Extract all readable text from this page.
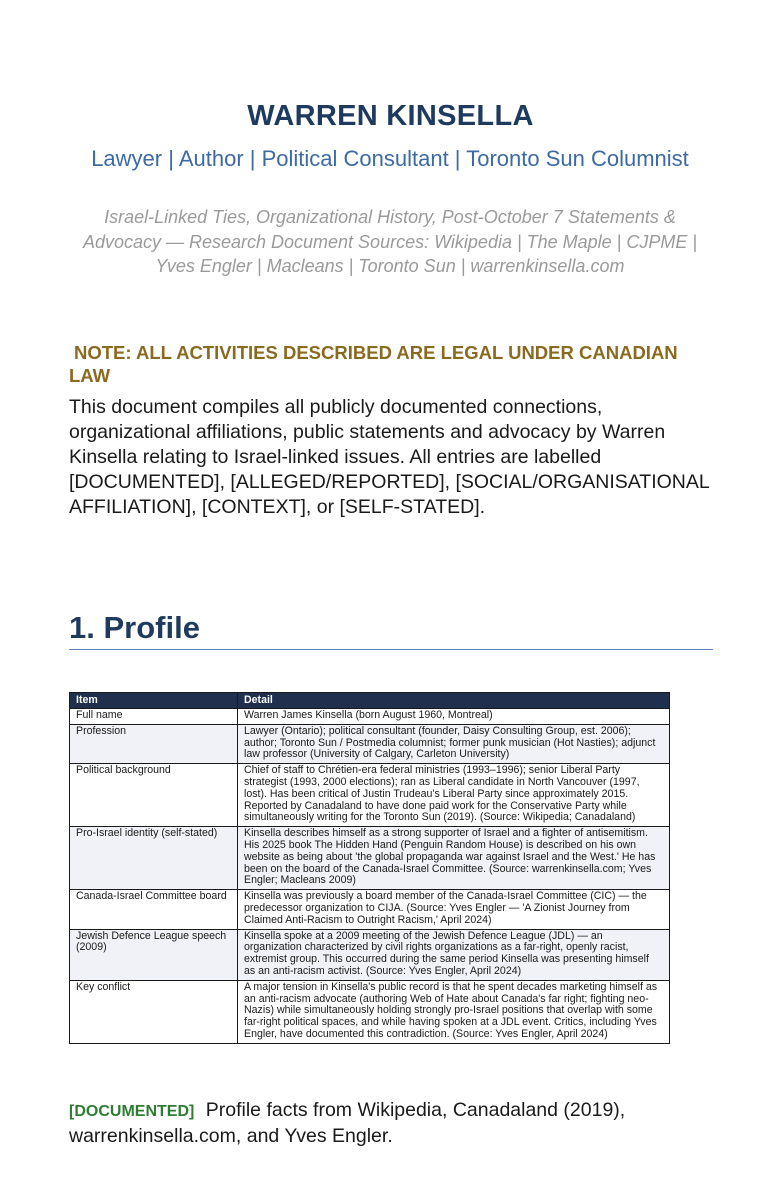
WARREN KINSELLA
Lawyer | Author | Political Consultant | Toronto Sun Columnist
Israel-Linked Ties, Organizational History, Post-October 7 Statements & Advocacy — Research Document Sources: Wikipedia | The Maple | CJPME | Yves Engler | Macleans | Toronto Sun | warrenkinsella.com
NOTE: ALL ACTIVITIES DESCRIBED ARE LEGAL UNDER CANADIAN LAW
This document compiles all publicly documented connections, organizational affiliations, public statements and advocacy by Warren Kinsella relating to Israel-linked issues. All entries are labelled [DOCUMENTED], [ALLEGED/REPORTED], [SOCIAL/ORGANISATIONAL AFFILIATION], [CONTEXT], or [SELF-STATED].
1. Profile
Item	Detail
Full name	Warren James Kinsella (born August 1960, Montreal)
Profession	Lawyer (Ontario); political consultant (founder, Daisy Consulting Group, est. 2006); author; Toronto Sun / Postmedia columnist; former punk musician (Hot Nasties); adjunct law professor (University of Calgary, Carleton University)
Political background	Chief of staff to Chrétien-era federal ministries (1993–1996); senior Liberal Party strategist (1993, 2000 elections); ran as Liberal candidate in North Vancouver (1997, lost). Has been critical of Justin Trudeau's Liberal Party since approximately 2015. Reported by Canadaland to have done paid work for the Conservative Party while simultaneously writing for the Toronto Sun (2019). (Source: Wikipedia; Canadaland)
Pro-Israel identity (self-stated)	Kinsella describes himself as a strong supporter of Israel and a fighter of antisemitism. His 2025 book The Hidden Hand (Penguin Random House) is described on his own website as being about 'the global propaganda war against Israel and the West.' He has been on the board of the Canada-Israel Committee. (Source: warrenkinsella.com; Yves Engler; Macleans 2009)
Canada-Israel Committee board	Kinsella was previously a board member of the Canada-Israel Committee (CIC) — the predecessor organization to CIJA. (Source: Yves Engler — 'A Zionist Journey from Claimed Anti-Racism to Outright Racism,' April 2024)
Jewish Defence League speech (2009)	Kinsella spoke at a 2009 meeting of the Jewish Defence League (JDL) — an organization characterized by civil rights organizations as a far-right, openly racist, extremist group. This occurred during the same period Kinsella was presenting himself as an anti-racism activist. (Source: Yves Engler, April 2024)
Key conflict	A major tension in Kinsella's public record is that he spent decades marketing himself as an anti-racism advocate (authoring Web of Hate about Canada's far right; fighting neo-Nazis) while simultaneously holding strongly pro-Israel positions that overlap with some far-right political spaces, and while having spoken at a JDL event. Critics, including Yves Engler, have documented this contradiction. (Source: Yves Engler, April 2024)
[DOCUMENTED] Profile facts from Wikipedia, Canadaland (2019), warrenkinsella.com, and Yves Engler.
